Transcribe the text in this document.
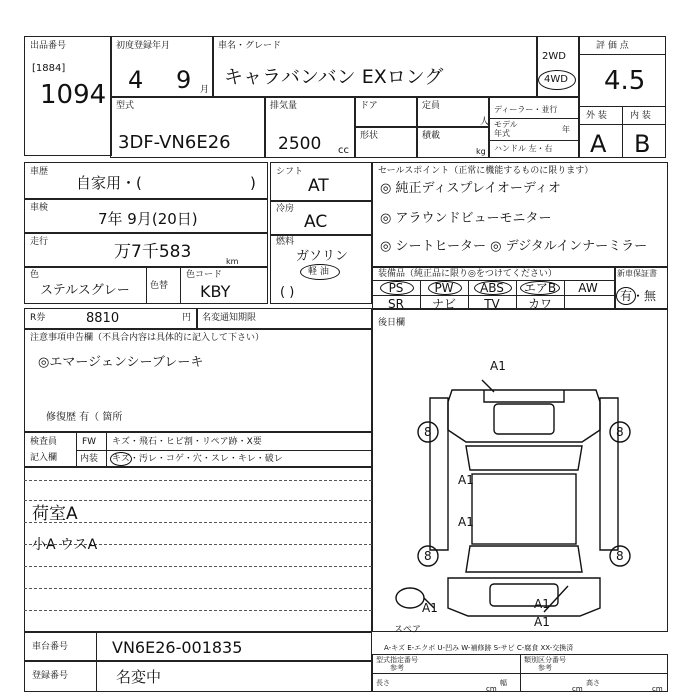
出品番号
[1884]
1094
初度登録年月
4 9 月
車名・グレード
キャラバンバン EXロング
2WD
4WD
評 価 点
4.5
外 装	内 装
A B
型式
3DF-VN6E26
排気量
2500 cc
ドア	定員
人
ディーラー・並行
モデル
年式	年
ハンドル 左・右
形状	積載
kg
車歴
自家用・(	)
車検
7年 9月(20日)
走行	万7千583	km
色
ステルスグレー 色替
色コード
KBY
シフト
AT
冷房
AC
燃料
ガソリン
軽 油
( )
セールスポイント（正常に機能するものに限ります）
◎ 純正ディスプレイオーディオ
◎ アラウンドビューモニター
◎ シートヒーター ◎ デジタルインナーミラー
装備品（純正品に限り◎をつけてください）
PS	PW	ABS	エアB	AW
SR	ナビ	TV	カワ
新車保証書
有・無
R券	8810	円 名変通知期限
注意事項申告欄（不具合内容は具体的に記入して下さい）
◎エマージェンシーブレーキ
修復歴 有（ 箇所
後日欄
検査員
記入欄
FW キズ・飛石・ヒビ割・リペア跡・X要
内装 キズ・汚レ・コゲ・穴・スレ・キレ・破レ
荷室A
小A ウスA
車台番号	VN6E26-001835
登録番号	名変中
A-キズ E-エクボ U-凹み W-補修跡 S-サビ C-腐食 XX-交換済
型式指定番号
参考
類別区分番号
参考
長さ
cm
幅
cm
高さ
cm
A1
A1
A1
A1
A1
A1
8	8
8	8
スペア
